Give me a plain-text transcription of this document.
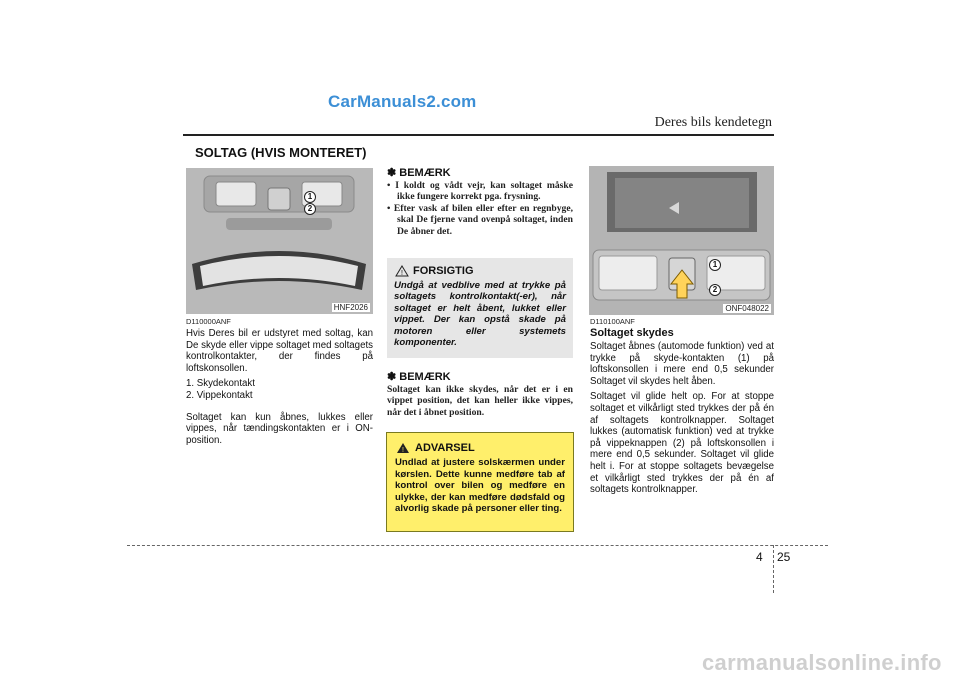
CarManuals2.com
Deres bils kendetegn
SOLTAG (HVIS MONTERET)
1
2
HNF2026
D110000ANF

Hvis Deres bil er udstyret med soltag, kan De skyde eller vippe soltaget med soltagets kontrolkontakter, der findes på loftskonsollen.

1. Skydekontakt

2. Vippekontakt

Soltaget kan kun åbnes, lukkes eller vippes, når tændingskontakten er i ON-position.

✽ BEMÆRK
• I koldt og vådt vejr, kan soltaget måske ikke fungere korrekt pga. frysning.
• Efter vask af bilen eller efter en regnbyge, skal De fjerne vand ovenpå soltaget, inden De åbner det.
! FORSIGTIG
Undgå at vedblive med at trykke på soltagets kontrolkontakt(-er), når soltaget er helt åbent, lukket eller vippet. Der kan opstå skade på motoren eller systemets komponenter.
✽ BEMÆRK
Soltaget kan ikke skydes, når det er i en vippet position, det kan heller ikke vippes, når det i åbnet position.
! ADVARSEL
Undlad at justere solskærmen under kørslen. Dette kunne medføre tab af kontrol over bilen og medføre en ulykke, der kan medføre dødsfald og alvorlig skade på personer eller ting.
1
2
ONF048022
D110100ANF
Soltaget skydes

Soltaget åbnes (automode funktion) ved at trykke på skyde-kontakten (1) på loftskonsollen i mere end 0,5 sekunder Soltaget vil skydes helt åben.

Soltaget vil glide helt op. For at stoppe soltaget et vilkårligt sted trykkes der på én af soltagets kontrolknapper. Soltaget lukkes (automatisk funktion) ved at trykke på vippeknappen (2) på loftskonsollen i mere end 0,5 sekunder. Soltaget vil glide helt i. For at stoppe soltagets bevægelse et vilkårligt sted trykkes der på én af soltagets kontrolknapper.

4 25
carmanualsonline.info
